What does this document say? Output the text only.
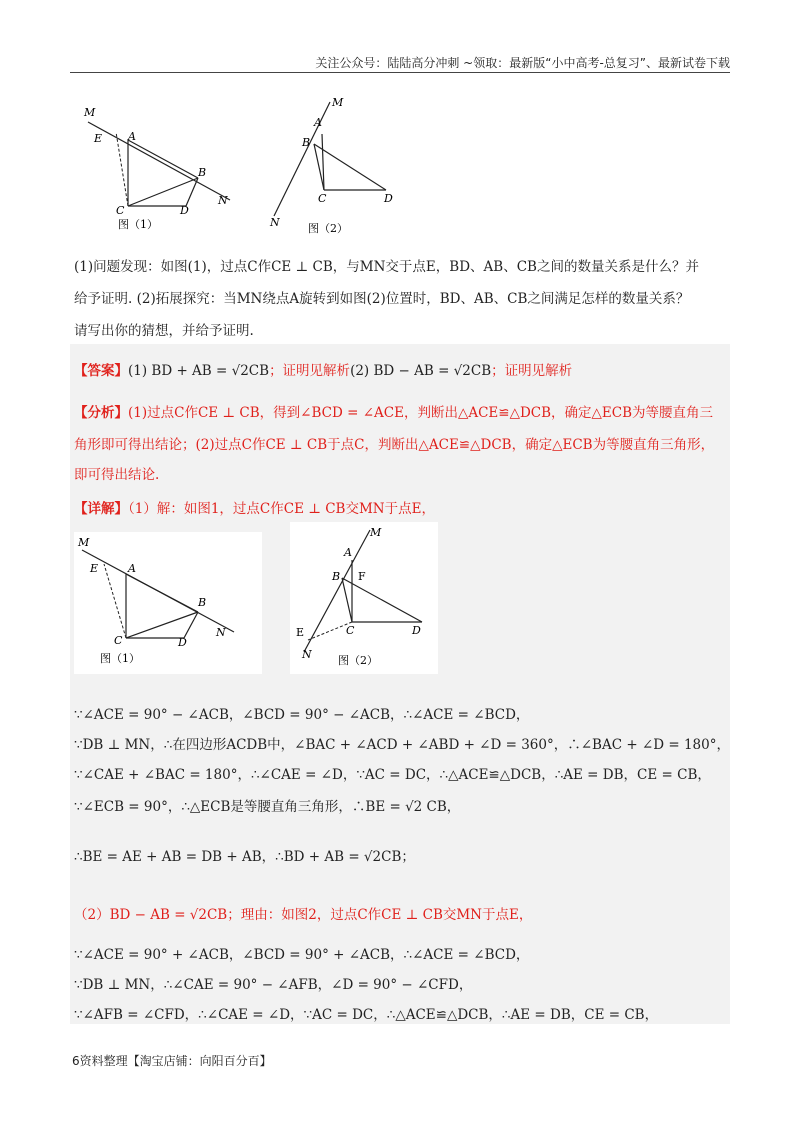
关注公众号：陆陆高分冲刺 ~领取：最新版“小中高考-总复习”、最新试卷下载
M
E A
B
N
C	D
图（1）
M
A
B
C	D
N	图（2）
(1)问题发现：如图(1)，过点C作CE ⊥ CB，与MN交于点E，BD、AB、CB之间的数量关系是什么？并
给予证明. (2)拓展探究：当MN绕点A旋转到如图(2)位置时，BD、AB、CB之间满足怎样的数量关系？
请写出你的猜想，并给予证明.
【答案】(1) BD + AB = √2CB；证明见解析(2) BD − AB = √2CB；证明见解析
【分析】(1)过点C作CE ⊥ CB，得到∠BCD = ∠ACE，判断出△ACE≌△DCB，确定△ECB为等腰直角三
角形即可得出结论；(2)过点C作CE ⊥ CB于点C，判断出△ACE≌△DCB，确定△ECB为等腰直角三角形，
即可得出结论.
【详解】（1）解：如图1，过点C作CE ⊥ CB交MN于点E，
M
E	A
B
N
C	D
图（1）
M
A
B F
C	D
E
N 图（2）
∵∠ACE = 90° − ∠ACB，∠BCD = 90° − ∠ACB，∴∠ACE = ∠BCD，
∵DB ⊥ MN，∴在四边形ACDB中，∠BAC + ∠ACD + ∠ABD + ∠D = 360°，∴∠BAC + ∠D = 180°，
∵∠CAE + ∠BAC = 180°，∴∠CAE = ∠D，∵AC = DC，∴△ACE≌△DCB，∴AE = DB，CE = CB，
∵∠ECB = 90°，∴△ECB是等腰直角三角形，∴BE = √2 CB，
∴BE = AE + AB = DB + AB，∴BD + AB = √2CB；
（2）BD − AB = √2CB；理由：如图2，过点C作CE ⊥ CB交MN于点E，
∵∠ACE = 90° + ∠ACB，∠BCD = 90° + ∠ACB，∴∠ACE = ∠BCD，
∵DB ⊥ MN，∴∠CAE = 90° − ∠AFB，∠D = 90° − ∠CFD，
∵∠AFB = ∠CFD，∴∠CAE = ∠D，∵AC = DC，∴△ACE≌△DCB，∴AE = DB，CE = CB，
6资料整理【淘宝店铺：向阳百分百】
